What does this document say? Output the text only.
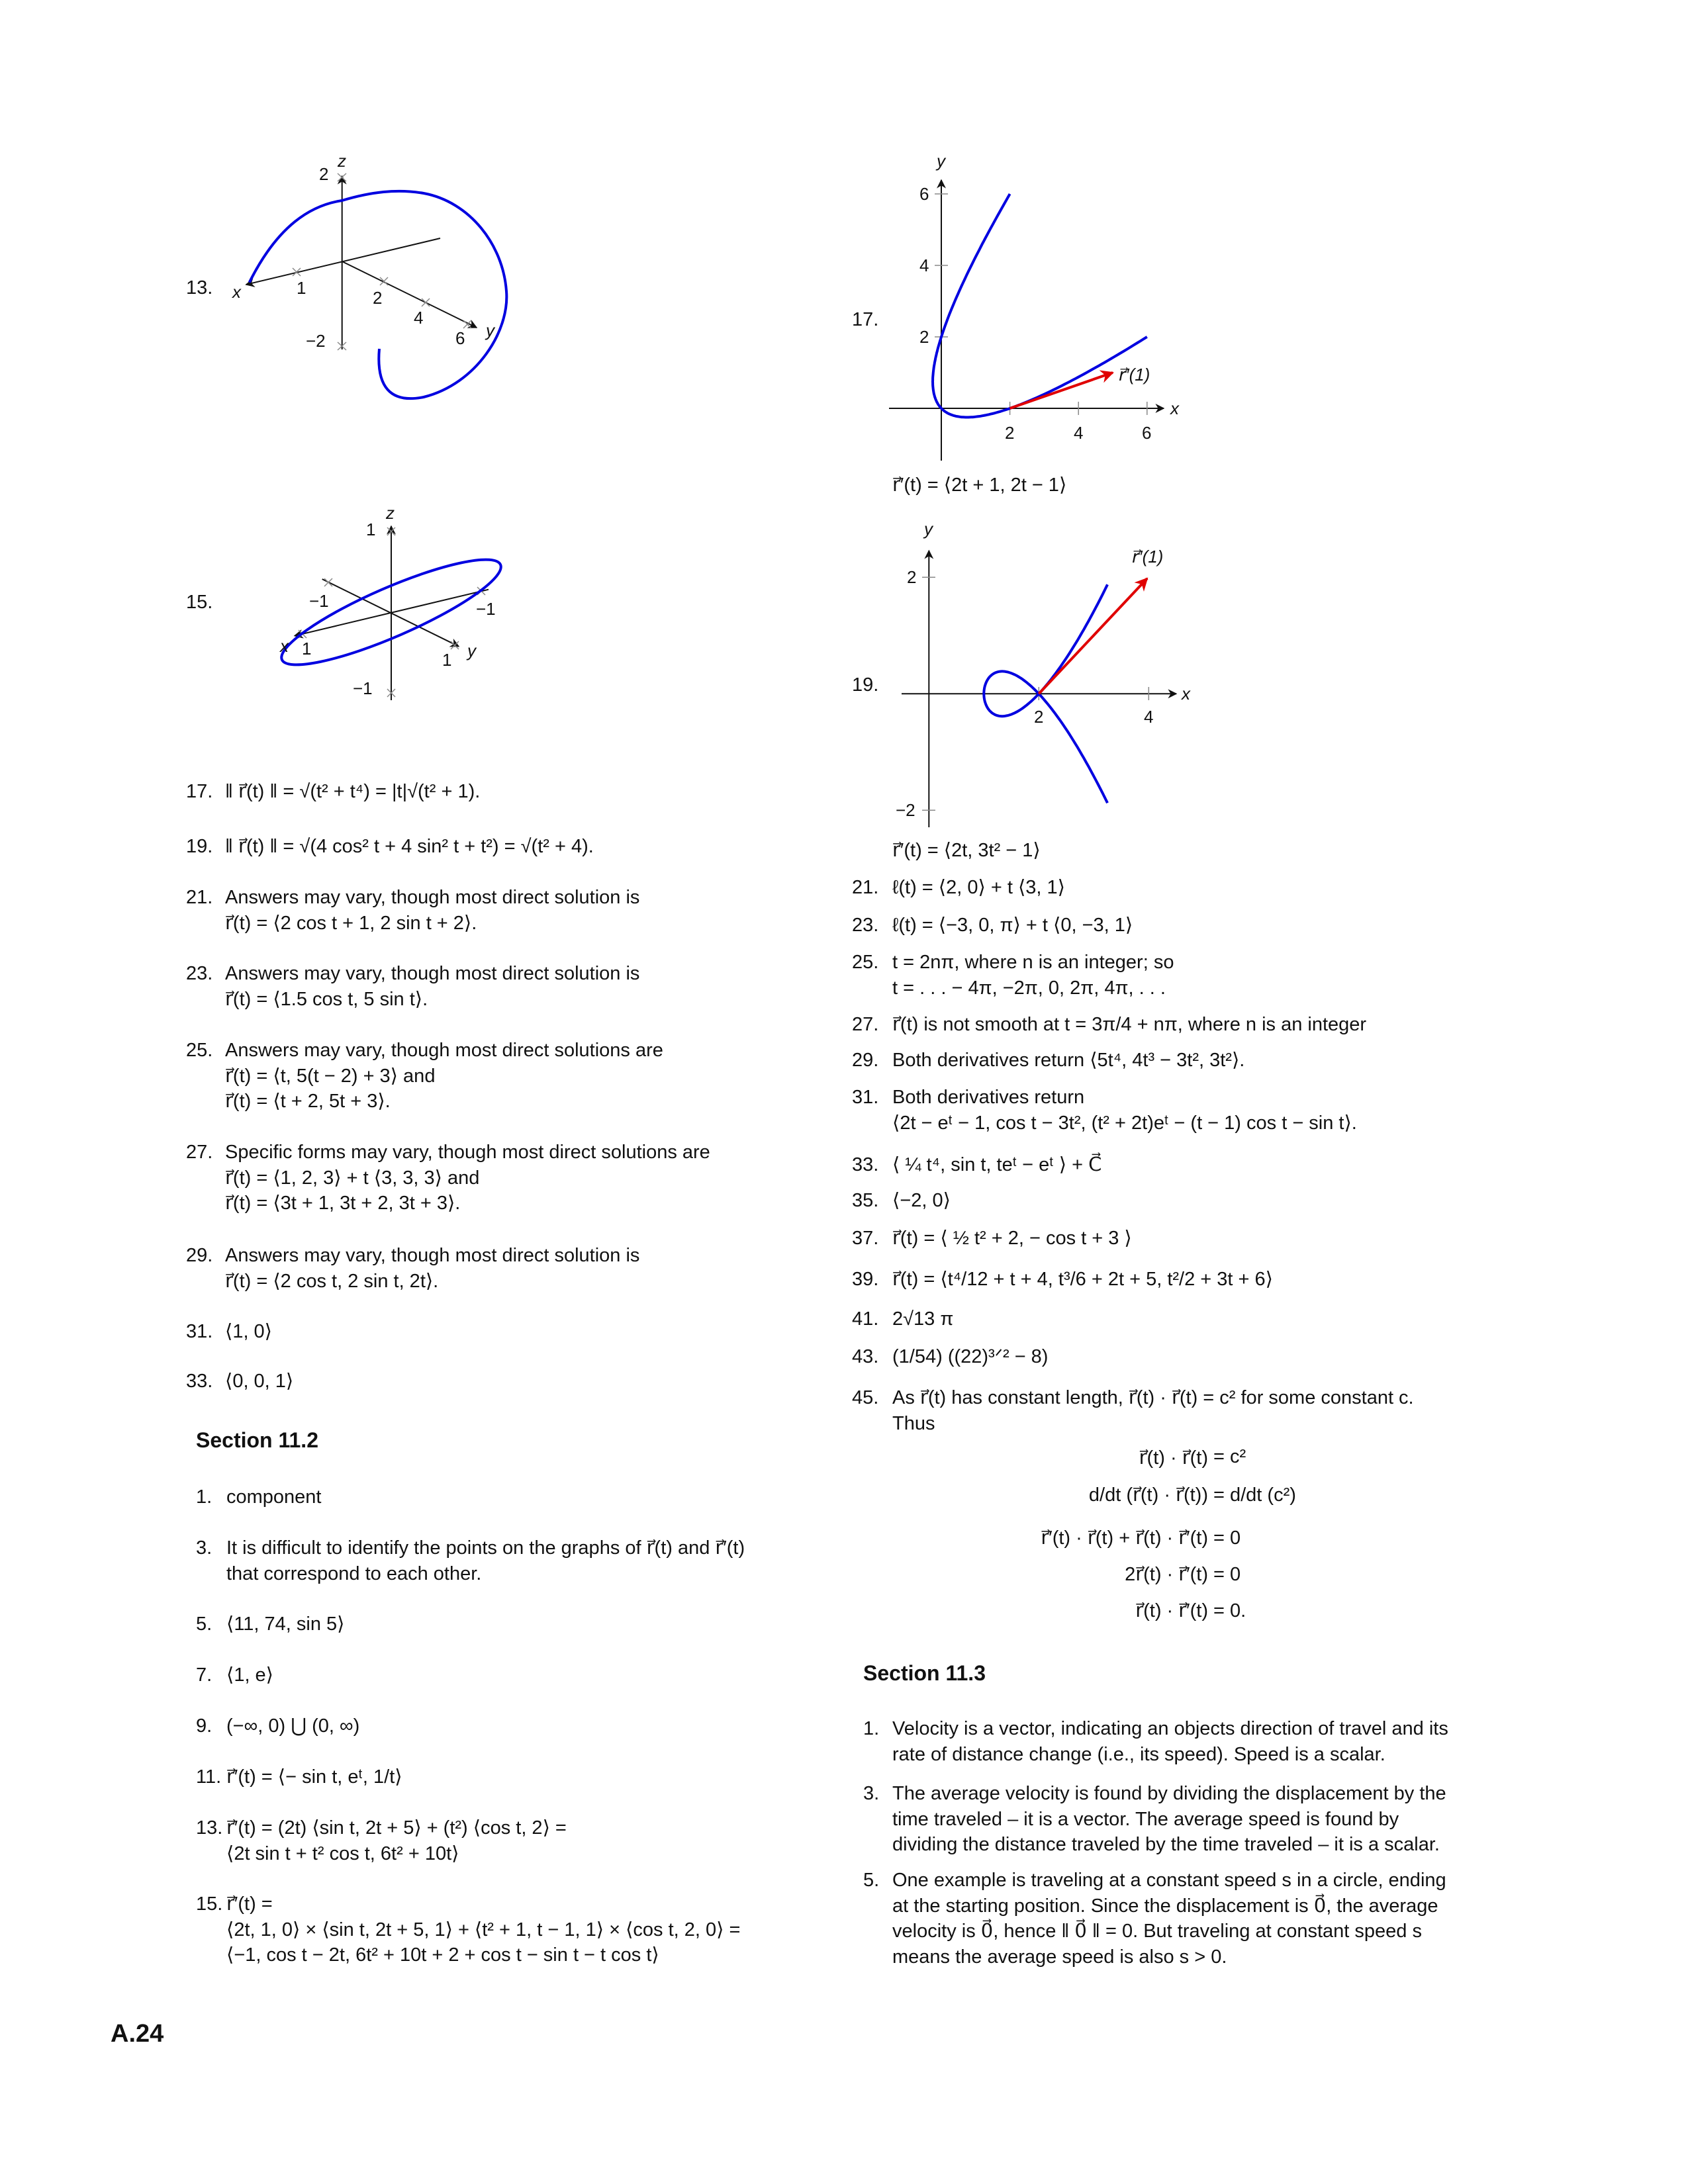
z
2
−2
x	1	2
4
6 y
z
1
−1
−1	−1
x 1
1 y
y
x
2	4	6
2
4
6
r⃗′(1)
y
x
2	4
2
−2
r⃗′(1)
13.
15.
17.
19.
r⃗′(t) = ⟨2t + 1, 2t − 1⟩
r⃗′(t) = ⟨2t, 3t² − 1⟩
Section 11.2
Section 11.3
r⃗(t) · r⃗(t) = c²
d/dt (r⃗(t) · r⃗(t)) = d/dt (c²)
r⃗′(t) · r⃗(t) + r⃗(t) · r⃗′(t) = 0
2r⃗(t) · r⃗′(t) = 0
r⃗(t) · r⃗′(t) = 0.
A.24
17. ‖ r⃗(t) ‖ = √(t² + t⁴) = |t|√(t² + 1).
19. ‖ r⃗(t) ‖ = √(4 cos² t + 4 sin² t + t²) = √(t² + 4).
21. Answers may vary, though most direct solution is
r⃗(t) = ⟨2 cos t + 1, 2 sin t + 2⟩.
23. Answers may vary, though most direct solution is
r⃗(t) = ⟨1.5 cos t, 5 sin t⟩.
25. Answers may vary, though most direct solutions are
r⃗(t) = ⟨t, 5(t − 2) + 3⟩ and
r⃗(t) = ⟨t + 2, 5t + 3⟩.
27. Specific forms may vary, though most direct solutions are
r⃗(t) = ⟨1, 2, 3⟩ + t ⟨3, 3, 3⟩ and
r⃗(t) = ⟨3t + 1, 3t + 2, 3t + 3⟩.
29. Answers may vary, though most direct solution is
r⃗(t) = ⟨2 cos t, 2 sin t, 2t⟩.
31. ⟨1, 0⟩
33. ⟨0, 0, 1⟩
1. component
3. It is difficult to identify the points on the graphs of r⃗(t) and r⃗′(t)
that correspond to each other.
5. ⟨11, 74, sin 5⟩
7. ⟨1, e⟩
9. (−∞, 0) ⋃ (0, ∞)
11. r⃗′(t) = ⟨− sin t, eᵗ, 1/t⟩
13. r⃗′(t) = (2t) ⟨sin t, 2t + 5⟩ + (t²) ⟨cos t, 2⟩ =
⟨2t sin t + t² cos t, 6t² + 10t⟩
15. r⃗′(t) =
⟨2t, 1, 0⟩ × ⟨sin t, 2t + 5, 1⟩ + ⟨t² + 1, t − 1, 1⟩ × ⟨cos t, 2, 0⟩ =
⟨−1, cos t − 2t, 6t² + 10t + 2 + cos t − sin t − t cos t⟩
21. ℓ(t) = ⟨2, 0⟩ + t ⟨3, 1⟩
23. ℓ(t) = ⟨−3, 0, π⟩ + t ⟨0, −3, 1⟩
25. t = 2nπ, where n is an integer; so
t = . . . − 4π, −2π, 0, 2π, 4π, . . .
27. r⃗(t) is not smooth at t = 3π/4 + nπ, where n is an integer
29. Both derivatives return ⟨5t⁴, 4t³ − 3t², 3t²⟩.
31. Both derivatives return
⟨2t − eᵗ − 1, cos t − 3t², (t² + 2t)eᵗ − (t − 1) cos t − sin t⟩.
33. ⟨ ¼ t⁴, sin t, teᵗ − eᵗ ⟩ + C⃗
35. ⟨−2, 0⟩
37. r⃗(t) = ⟨ ½ t² + 2, − cos t + 3 ⟩
39. r⃗(t) = ⟨t⁴/12 + t + 4, t³/6 + 2t + 5, t²/2 + 3t + 6⟩
41. 2√13 π
43. (1/54) ((22)³ᐟ² − 8)
45. As r⃗(t) has constant length, r⃗(t) · r⃗(t) = c² for some constant c.
Thus
1. Velocity is a vector, indicating an objects direction of travel and its
rate of distance change (i.e., its speed). Speed is a scalar.
3. The average velocity is found by dividing the displacement by the
time traveled – it is a vector. The average speed is found by
dividing the distance traveled by the time traveled – it is a scalar.
5. One example is traveling at a constant speed s in a circle, ending
at the starting position. Since the displacement is 0⃗, the average
velocity is 0⃗, hence ‖ 0⃗ ‖ = 0. But traveling at constant speed s
means the average speed is also s > 0.
